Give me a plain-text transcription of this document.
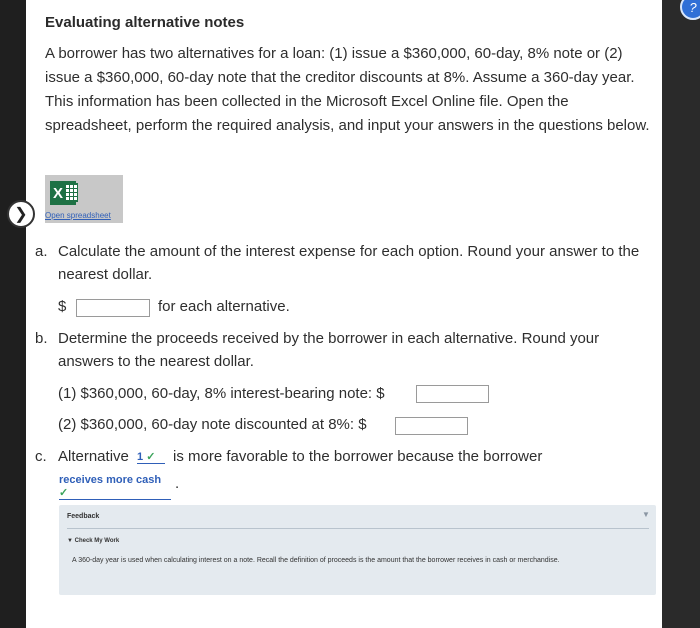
?
Evaluating alternative notes
A borrower has two alternatives for a loan: (1) issue a $360,000, 60-day, 8% note or (2) issue a $360,000, 60-day note that the creditor discounts at 8%. Assume a 360-day year. This information has been collected in the Microsoft Excel Online file. Open the spreadsheet, perform the required analysis, and input your answers in the questions below.
X
Open spreadsheet
❯
a. Calculate the amount of the interest expense for each option. Round your answer to the nearest dollar.
$	for each alternative.
b. Determine the proceeds received by the borrower in each alternative. Round your answers to the nearest dollar.
(1) $360,000, 60-day, 8% interest-bearing note: $
(2) $360,000, 60-day note discounted at 8%: $
c. Alternative 1 ✓	is more favorable to the borrower because the borrower
receives more cash ✓
.
Feedback	▼
▼ Check My Work
A 360-day year is used when calculating interest on a note. Recall the definition of proceeds is the amount that the borrower receives in cash or merchandise.
